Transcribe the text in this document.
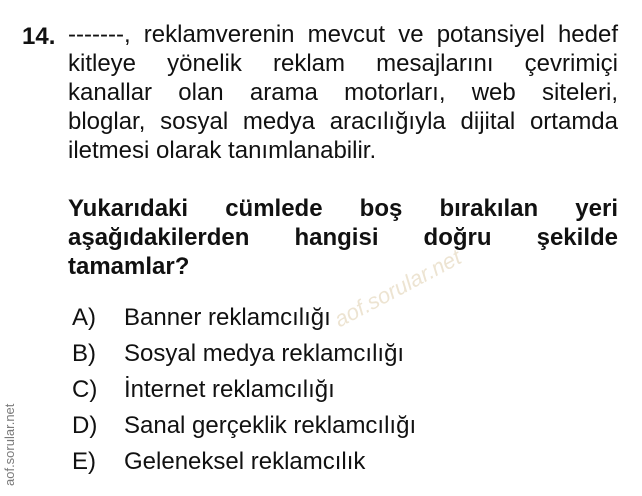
14. -------, reklamverenin mevcut ve potansiyel hedef
kitleye yönelik reklam mesajlarını çevrimiçi
kanallar olan arama motorları, web siteleri,
bloglar, sosyal medya aracılığıyla dijital ortamda
iletmesi olarak tanımlanabilir.
Yukarıdaki cümlede boş bırakılan yeri
aşağıdakilerden hangisi doğru şekilde
tamamlar?
A)	Banner reklamcılığı
B)	Sosyal medya reklamcılığı
C)	İnternet reklamcılığı
D)	Sanal gerçeklik reklamcılığı
E)	Geleneksel reklamcılık
aof.sorular.net
aof.sorular.net
